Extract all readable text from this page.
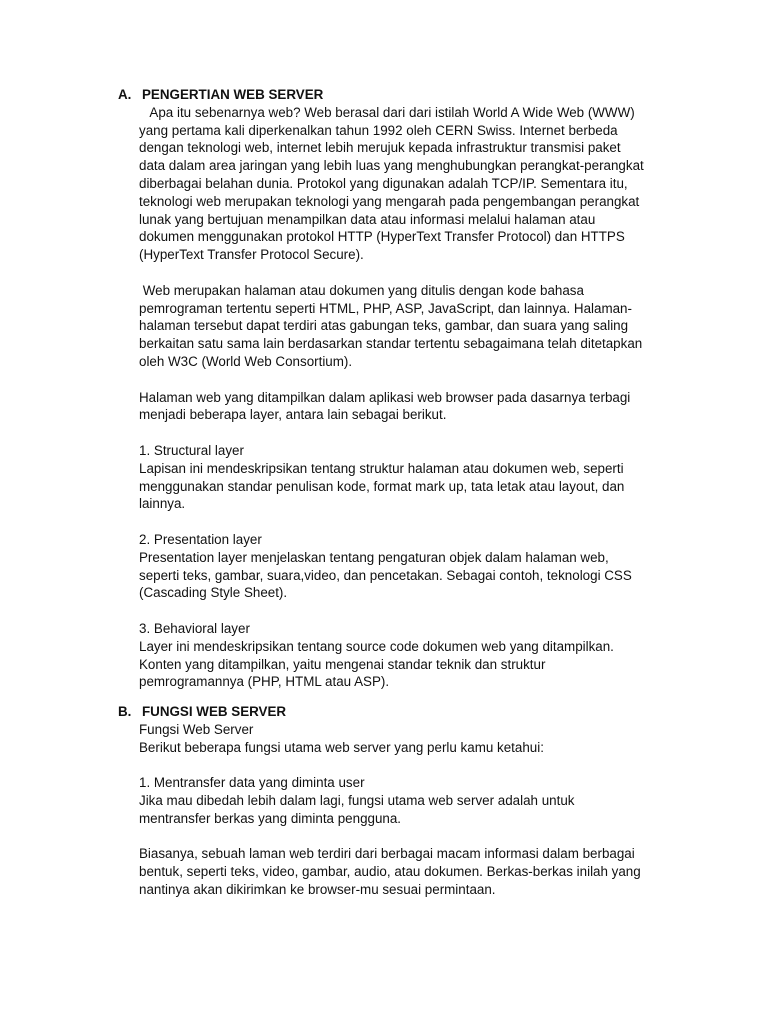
A. PENGERTIAN WEB SERVER
Apa itu sebenarnya web? Web berasal dari dari istilah World A Wide Web (WWW)
yang pertama kali diperkenalkan tahun 1992 oleh CERN Swiss. Internet berbeda
dengan teknologi web, internet lebih merujuk kepada infrastruktur transmisi paket
data dalam area jaringan yang lebih luas yang menghubungkan perangkat-perangkat
diberbagai belahan dunia. Protokol yang digunakan adalah TCP/IP. Sementara itu,
teknologi web merupakan teknologi yang mengarah pada pengembangan perangkat
lunak yang bertujuan menampilkan data atau informasi melalui halaman atau
dokumen menggunakan protokol HTTP (HyperText Transfer Protocol) dan HTTPS
(HyperText Transfer Protocol Secure).
Web merupakan halaman atau dokumen yang ditulis dengan kode bahasa
pemrograman tertentu seperti HTML, PHP, ASP, JavaScript, dan lainnya. Halaman-
halaman tersebut dapat terdiri atas gabungan teks, gambar, dan suara yang saling
berkaitan satu sama lain berdasarkan standar tertentu sebagaimana telah ditetapkan
oleh W3C (World Web Consortium).
Halaman web yang ditampilkan dalam aplikasi web browser pada dasarnya terbagi
menjadi beberapa layer, antara lain sebagai berikut.
1. Structural layer
Lapisan ini mendeskripsikan tentang struktur halaman atau dokumen web, seperti
menggunakan standar penulisan kode, format mark up, tata letak atau layout, dan
lainnya.
2. Presentation layer
Presentation layer menjelaskan tentang pengaturan objek dalam halaman web,
seperti teks, gambar, suara,video, dan pencetakan. Sebagai contoh, teknologi CSS
(Cascading Style Sheet).
3. Behavioral layer
Layer ini mendeskripsikan tentang source code dokumen web yang ditampilkan.
Konten yang ditampilkan, yaitu mengenai standar teknik dan struktur
pemrogramannya (PHP, HTML atau ASP).
B. FUNGSI WEB SERVER
Fungsi Web Server
Berikut beberapa fungsi utama web server yang perlu kamu ketahui:
1. Mentransfer data yang diminta user
Jika mau dibedah lebih dalam lagi, fungsi utama web server adalah untuk
mentransfer berkas yang diminta pengguna.
Biasanya, sebuah laman web terdiri dari berbagai macam informasi dalam berbagai
bentuk, seperti teks, video, gambar, audio, atau dokumen. Berkas-berkas inilah yang
nantinya akan dikirimkan ke browser-mu sesuai permintaan.
